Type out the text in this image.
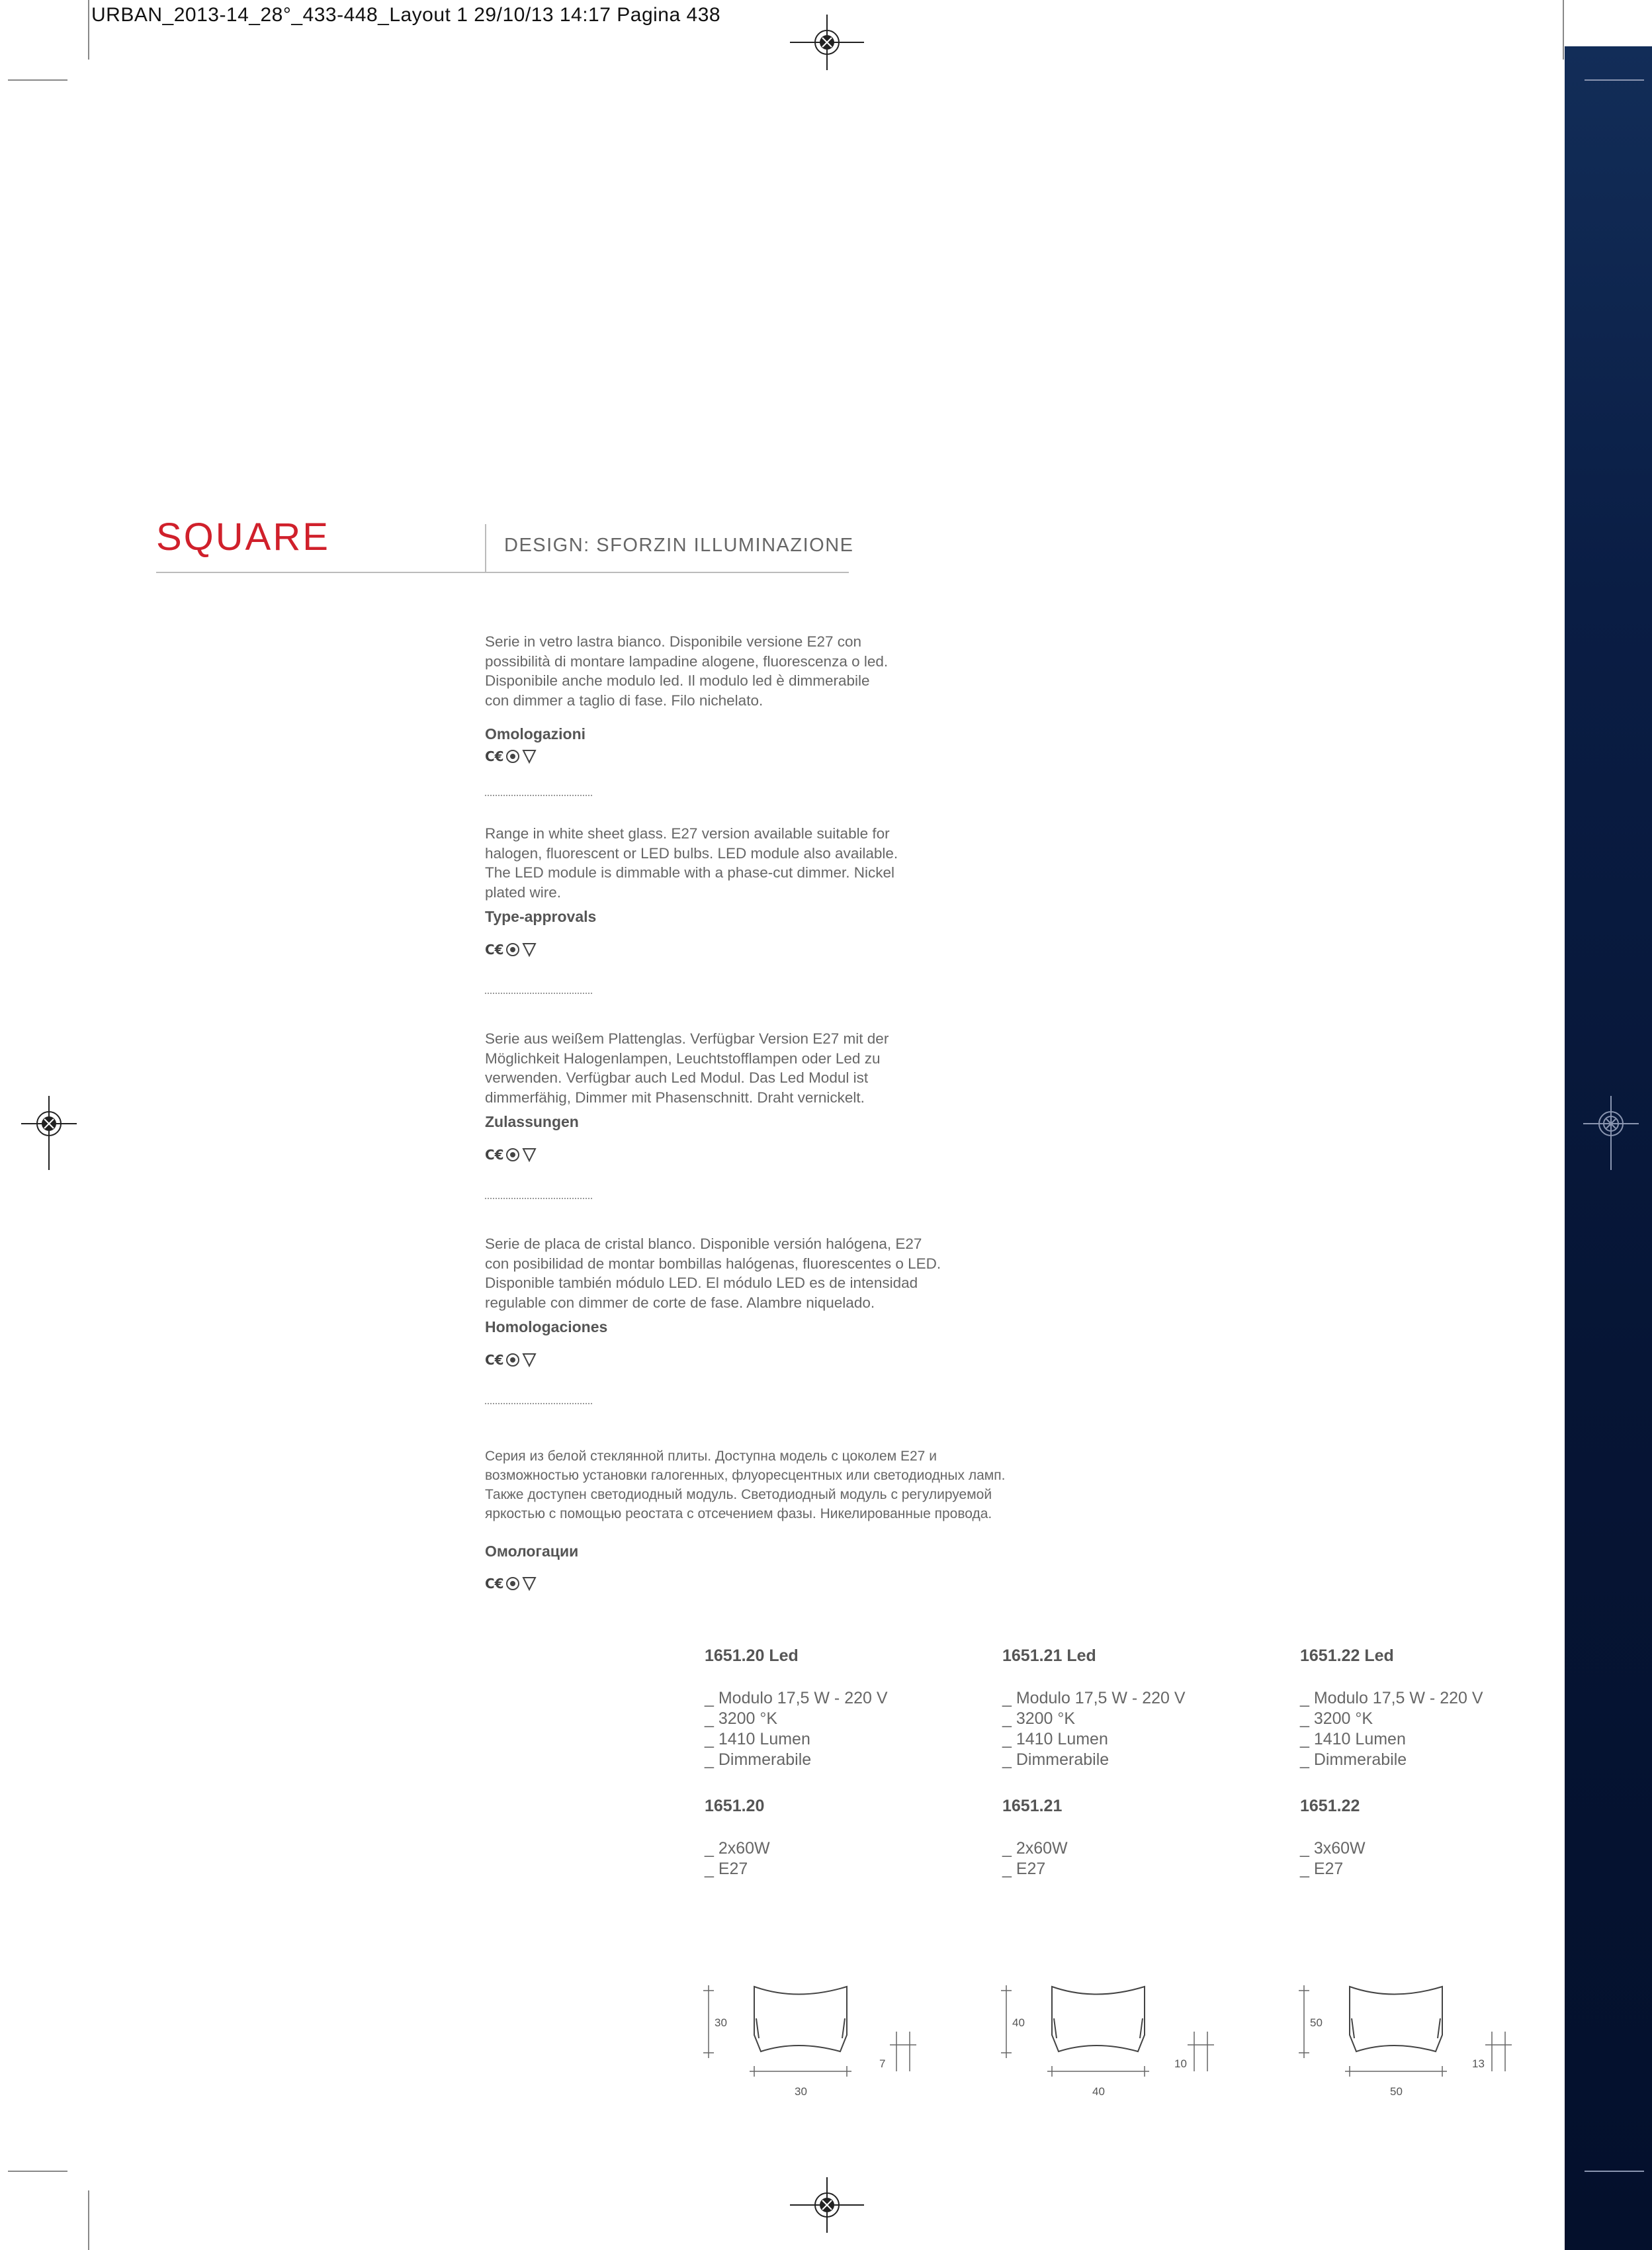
URBAN_2013-14_28°_433-448_Layout 1 29/10/13 14:17 Pagina 438
SQUARE	DESIGN: SFORZIN ILLUMINAZIONE
Serie in vetro lastra bianco. Disponibile versione E27 con
possibilità di montare lampadine alogene, fluorescenza o led.
Disponibile anche modulo led. Il modulo led è dimmerabile
con dimmer a taglio di fase. Filo nichelato.
Omologazioni
C€
Range in white sheet glass. E27 version available suitable for
halogen, fluorescent or LED bulbs. LED module also available.
The LED module is dimmable with a phase-cut dimmer. Nickel
plated wire.
Type-approvals
C€
Serie aus weißem Plattenglas. Verfügbar Version E27 mit der
Möglichkeit Halogenlampen, Leuchtstofflampen oder Led zu
verwenden. Verfügbar auch Led Modul. Das Led Modul ist
dimmerfähig, Dimmer mit Phasenschnitt. Draht vernickelt.
Zulassungen
C€
Serie de placa de cristal blanco. Disponible versión halógena, E27
con posibilidad de montar bombillas halógenas, fluorescentes o LED.
Disponible también módulo LED. El módulo LED es de intensidad
regulable con dimmer de corte de fase. Alambre niquelado.
Homologaciones
C€
Серия из белой стеклянной плиты. Доступна модель с цоколем E27 и
возможностью установки галогенных, флуоресцентных или светодиодных ламп.
Также доступен светодиодный модуль. Светодиодный модуль с регулируемой
яркостью с помощью реостата с отсечением фазы. Никелированные провода.
Омологации
C€
1651.20 Led
_ Modulo 17,5 W - 220 V
_ 3200 °K
_ 1410 Lumen
_ Dimmerabile
1651.20
_ 2x60W
_ E27
1651.21 Led
_ Modulo 17,5 W - 220 V
_ 3200 °K
_ 1410 Lumen
_ Dimmerabile
1651.21
_ 2x60W
_ E27
1651.22 Led
_ Modulo 17,5 W - 220 V
_ 3200 °K
_ 1410 Lumen
_ Dimmerabile
1651.22
_ 3x60W
_ E27
30
30
7
40
40
10
50
50
13
